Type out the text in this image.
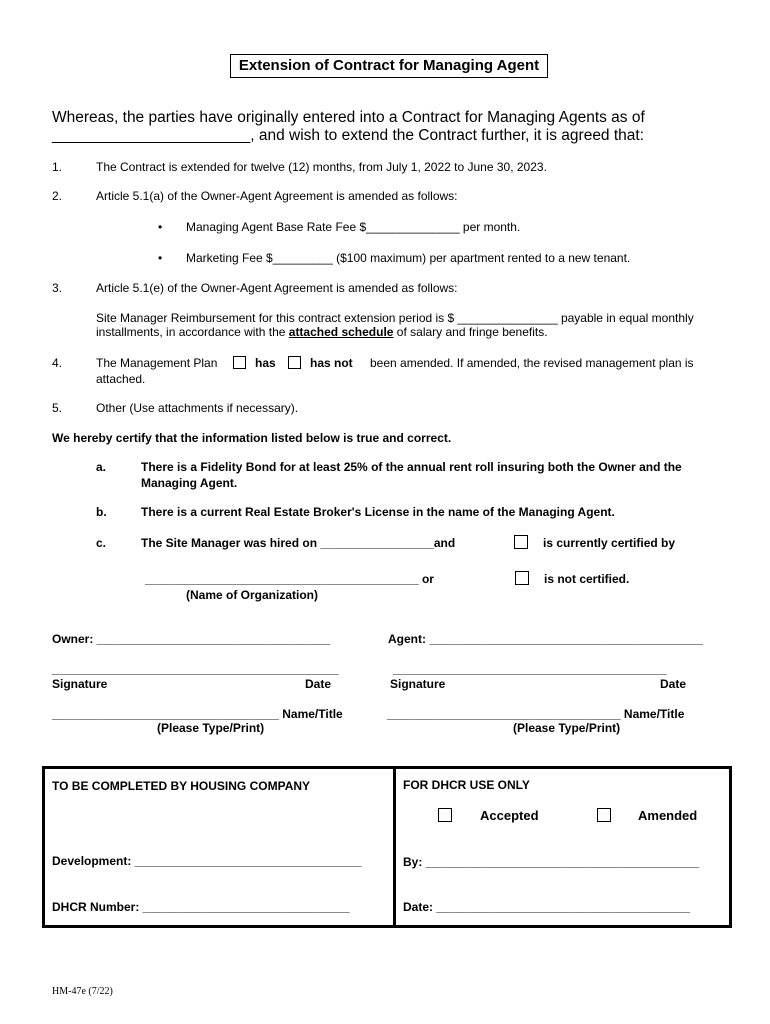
Extension of Contract for Managing Agent
Whereas, the parties have originally entered into a Contract for Managing Agents as of
_______________________, and wish to extend the Contract further, it is agreed that:
1.	The Contract is extended for twelve (12) months, from July 1, 2022 to June 30, 2023.
2.	Article 5.1(a) of the Owner-Agent Agreement is amended as follows:
• Managing Agent Base Rate Fee $______________ per month.
• Marketing Fee $_________ ($100 maximum) per apartment rented to a new tenant.
3.	Article 5.1(e) of the Owner-Agent Agreement is amended as follows:
Site Manager Reimbursement for this contract extension period is $ _______________ payable in equal monthly
installments, in accordance with the attached schedule of salary and fringe benefits.
4.	The Management Plan	has	has not been amended. If amended, the revised management plan is
attached.
5.	Other (Use attachments if necessary).
We hereby certify that the information listed below is true and correct.
a.	There is a Fidelity Bond for at least 25% of the annual rent roll insuring both the Owner and the
Managing Agent.
b.	There is a current Real Estate Broker's License in the name of the Managing Agent.
c.	The Site Manager was hired on _________________and	is currently certified by
_________________________________________ or	is not certified.
(Name of Organization)
Owner: ___________________________________	Agent: _________________________________________
___________________________________________	_________________________________________
Signature	Date	Signature	Date
__________________________________ Name/Title	___________________________________ Name/Title
(Please Type/Print)	(Please Type/Print)
TO BE COMPLETED BY HOUSING COMPANY
Development: __________________________________
DHCR Number: _______________________________
FOR DHCR USE ONLY
Accepted	Amended
By: _________________________________________
Date: ______________________________________
HM-47e (7/22)
